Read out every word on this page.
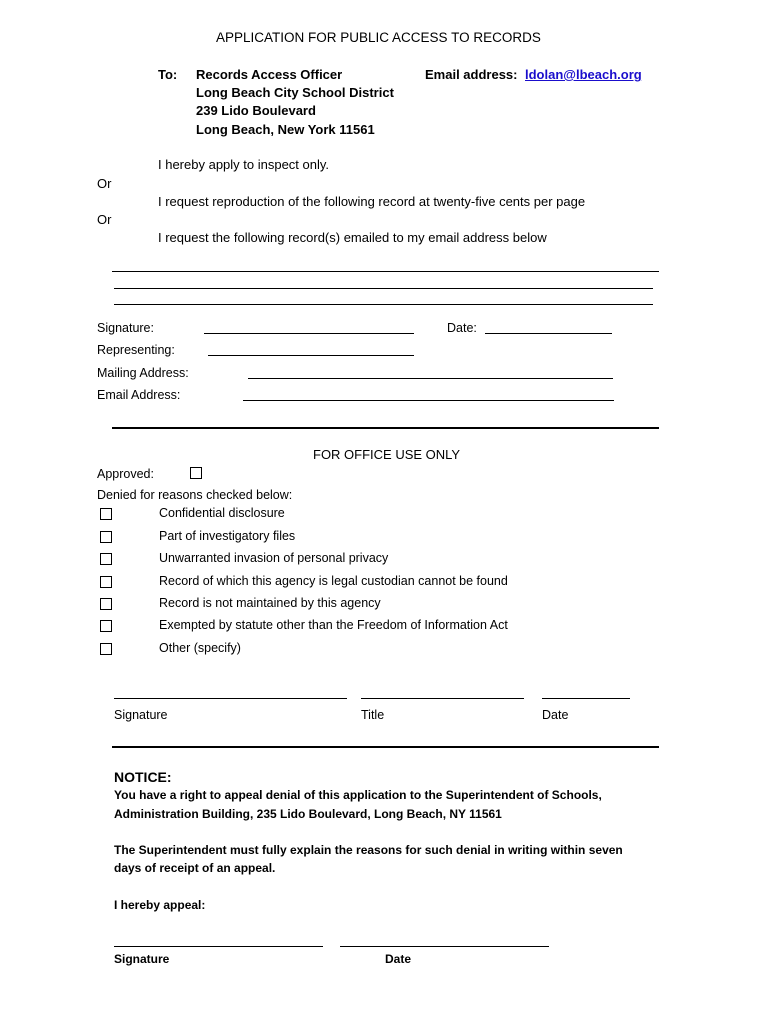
APPLICATION FOR PUBLIC ACCESS TO RECORDS
To: Records Access Officer
Long Beach City School District
239 Lido Boulevard
Long Beach, New York 11561
Email address: ldolan@lbeach.org
I hereby apply to inspect only.
Or
I request reproduction of the following record at twenty-five cents per page
Or
I request the following record(s) emailed to my email address below
Signature:	Date:
Representing:
Mailing Address:
Email Address:
FOR OFFICE USE ONLY
Approved:
Denied for reasons checked below:
Confidential disclosure
Part of investigatory files
Unwarranted invasion of personal privacy
Record of which this agency is legal custodian cannot be found
Record is not maintained by this agency
Exempted by statute other than the Freedom of Information Act
Other (specify)
Signature	Title	Date
NOTICE:
You have a right to appeal denial of this application to the Superintendent of Schools,
Administration Building, 235 Lido Boulevard, Long Beach, NY 11561
The Superintendent must fully explain the reasons for such denial in writing within seven
days of receipt of an appeal.
I hereby appeal:
Signature	Date
